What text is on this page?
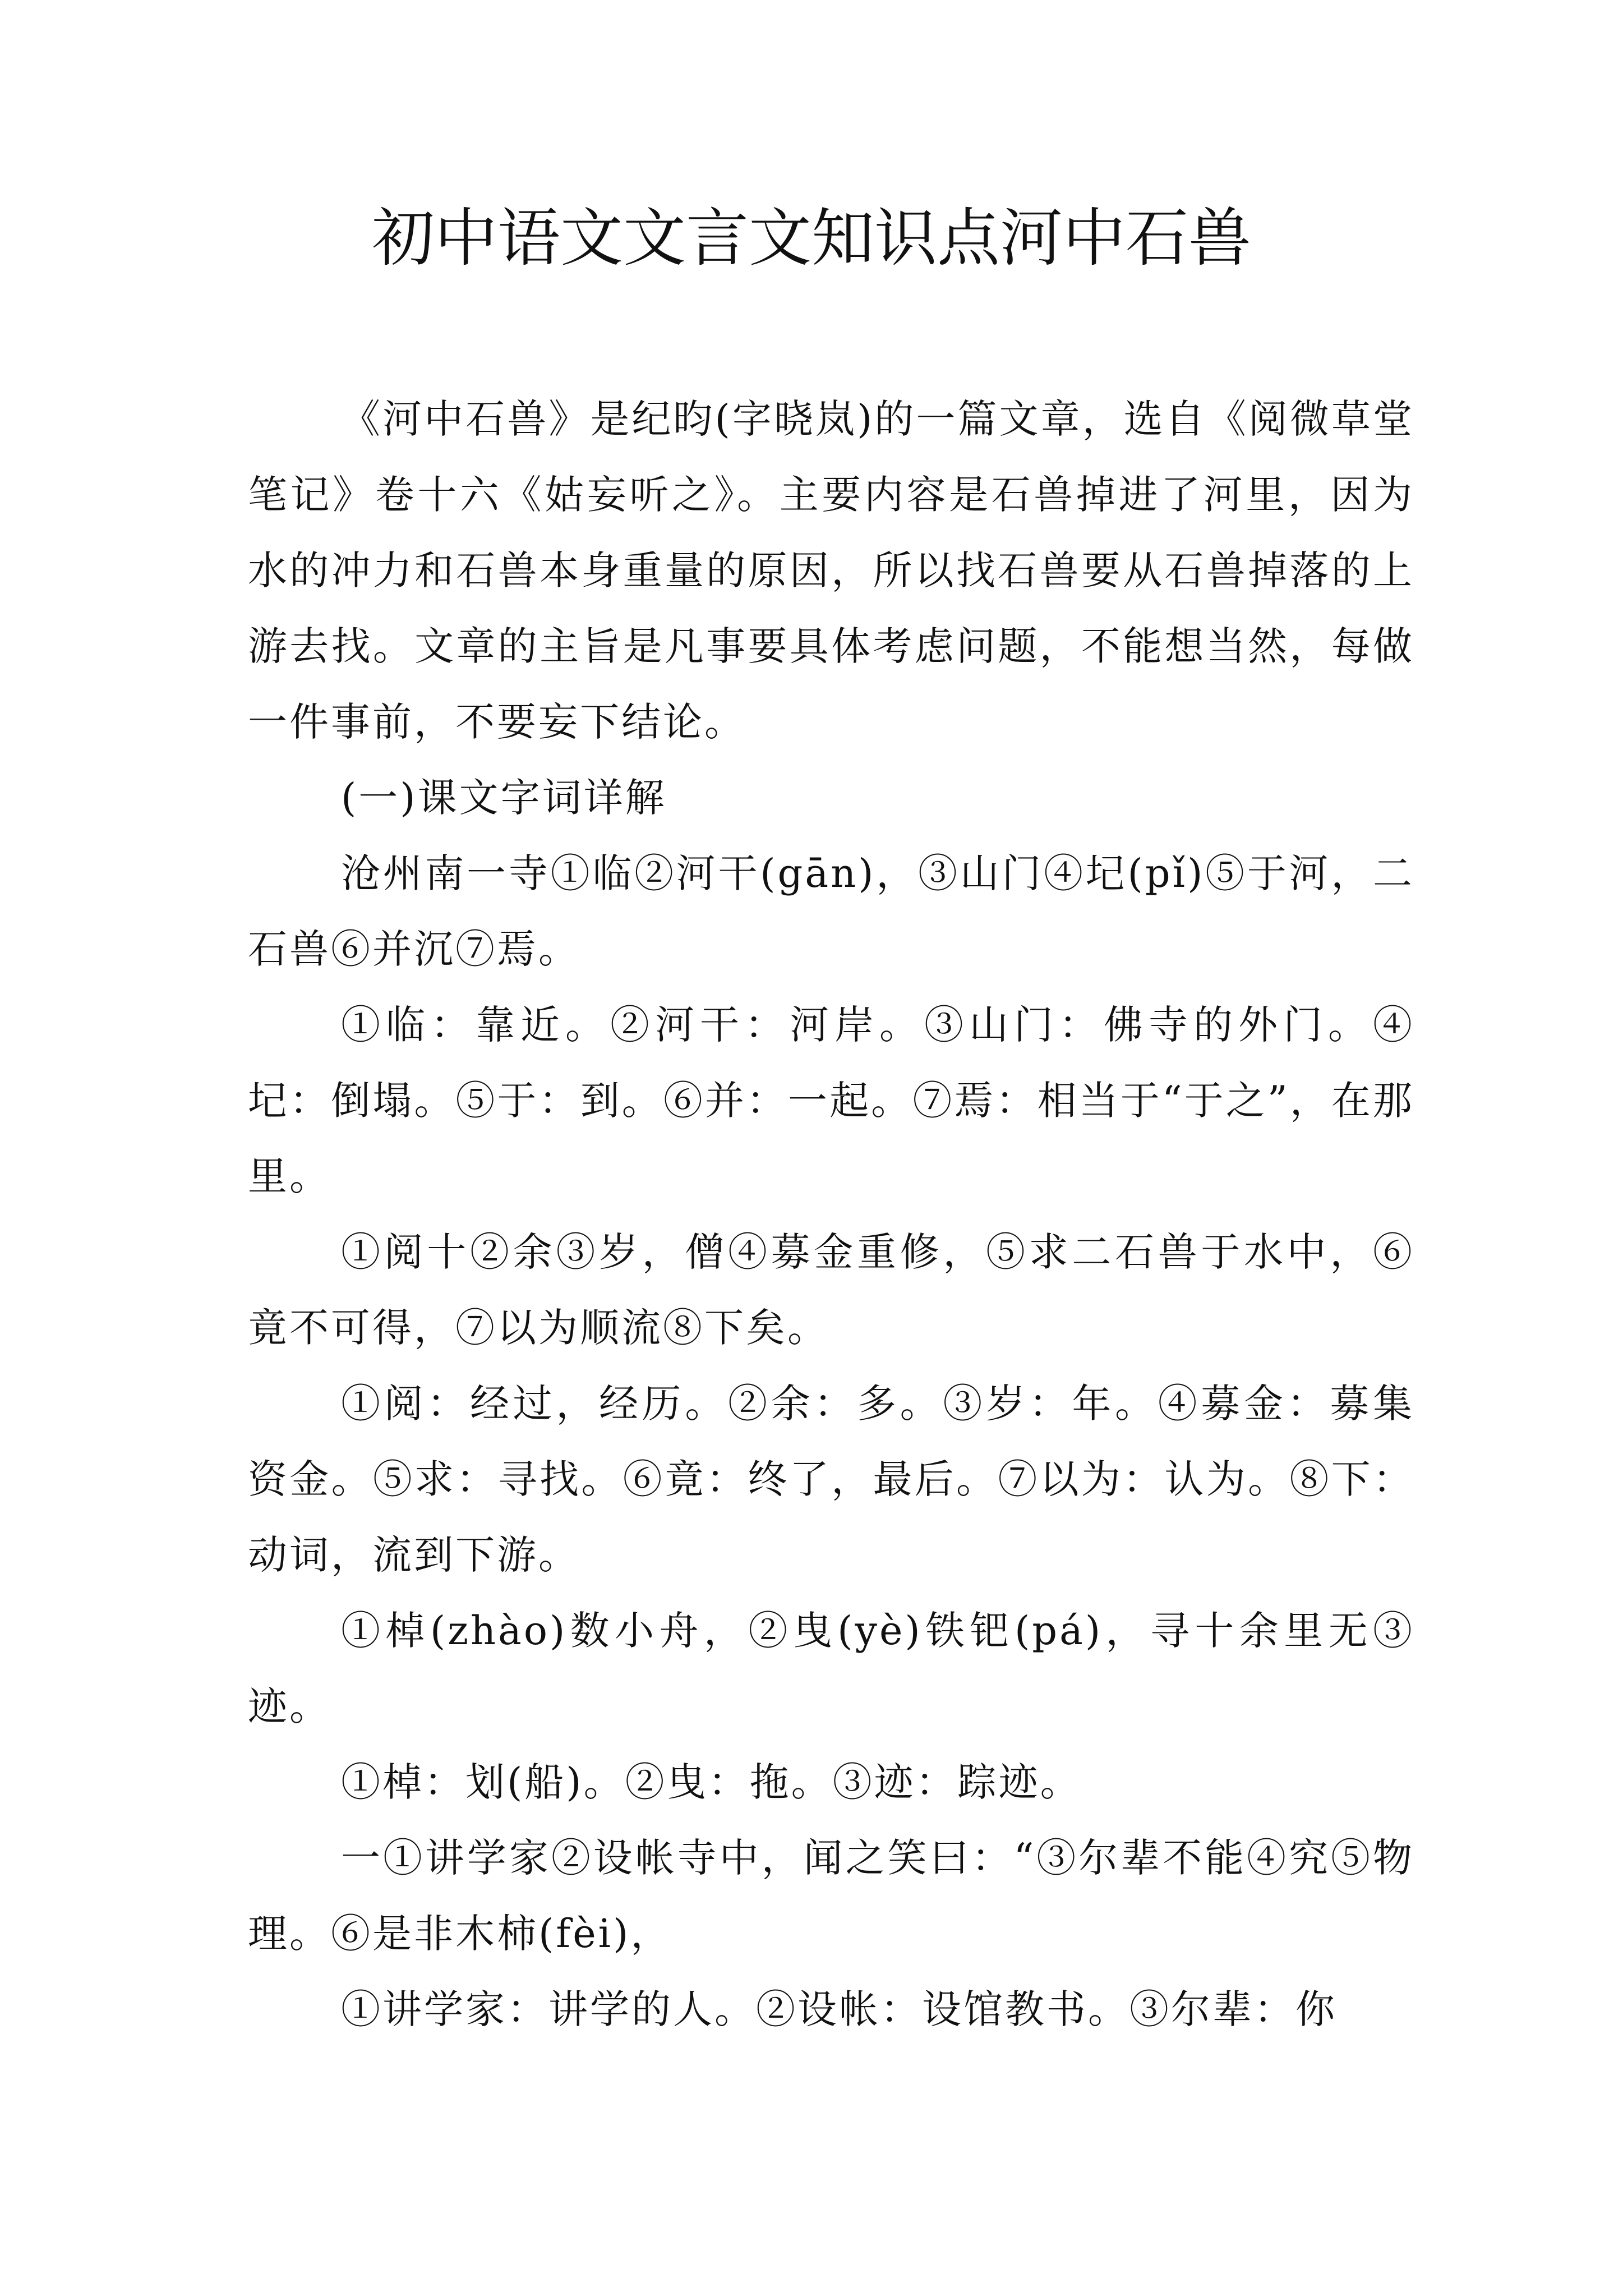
初中语文文言文知识点河中石兽

《河中石兽》是纪昀(字晓岚)的一篇文章，选自《阅微草堂笔记》卷十六《姑妄听之》。主要内容是石兽掉进了河里，因为水的冲力和石兽本身重量的原因，所以找石兽要从石兽掉落的上游去找。文章的主旨是凡事要具体考虑问题，不能想当然，每做一件事前，不要妄下结论。

(一)课文字词详解

沧州南一寺①临②河干(gān)，③山门④圮(pǐ)⑤于河，二石兽⑥并沉⑦焉。

①临：靠近。②河干：河岸。③山门：佛寺的外门。④圮：倒塌。⑤于：到。⑥并：一起。⑦焉：相当于“于之”，在那里。

①阅十②余③岁，僧④募金重修，⑤求二石兽于水中，⑥竟不可得，⑦以为顺流⑧下矣。

①阅：经过，经历。②余：多。③岁：年。④募金：募集资金。⑤求：寻找。⑥竟：终了，最后。⑦以为：认为。⑧下：动词，流到下游。

①棹(zhào)数小舟，②曳(yè)铁钯(pá)，寻十余里无③迹。

①棹：划(船)。②曳：拖。③迹：踪迹。

一①讲学家②设帐寺中，闻之笑曰：“③尔辈不能④究⑤物理。⑥是非木柿(fèi)，

①讲学家：讲学的人。②设帐：设馆教书。③尔辈：你
